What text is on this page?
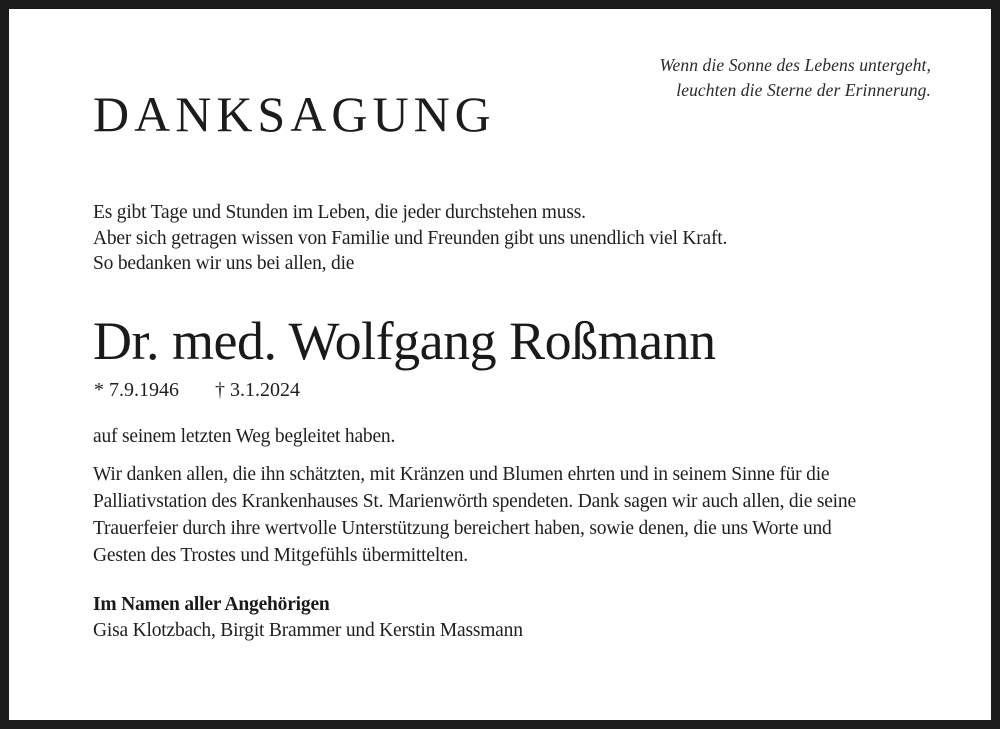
Wenn die Sonne des Lebens untergeht,
leuchten die Sterne der Erinnerung.
DANKSAGUNG
Es gibt Tage und Stunden im Leben, die jeder durchstehen muss.
Aber sich getragen wissen von Familie und Freunden gibt uns unendlich viel Kraft.
So bedanken wir uns bei allen, die
Dr. med. Wolfgang Roßmann
* 7.9.1946 † 3.1.2024
auf seinem letzten Weg begleitet haben.
Wir danken allen, die ihn schätzten, mit Kränzen und Blumen ehrten und in seinem Sinne für die Palliativstation des Krankenhauses St. Marienwörth spendeten. Dank sagen wir auch allen, die seine Trauerfeier durch ihre wertvolle Unterstützung bereichert haben, sowie denen, die uns Worte und Gesten des Trostes und Mitgefühls übermittelten.
Im Namen aller Angehörigen
Gisa Klotzbach, Birgit Brammer und Kerstin Massmann
